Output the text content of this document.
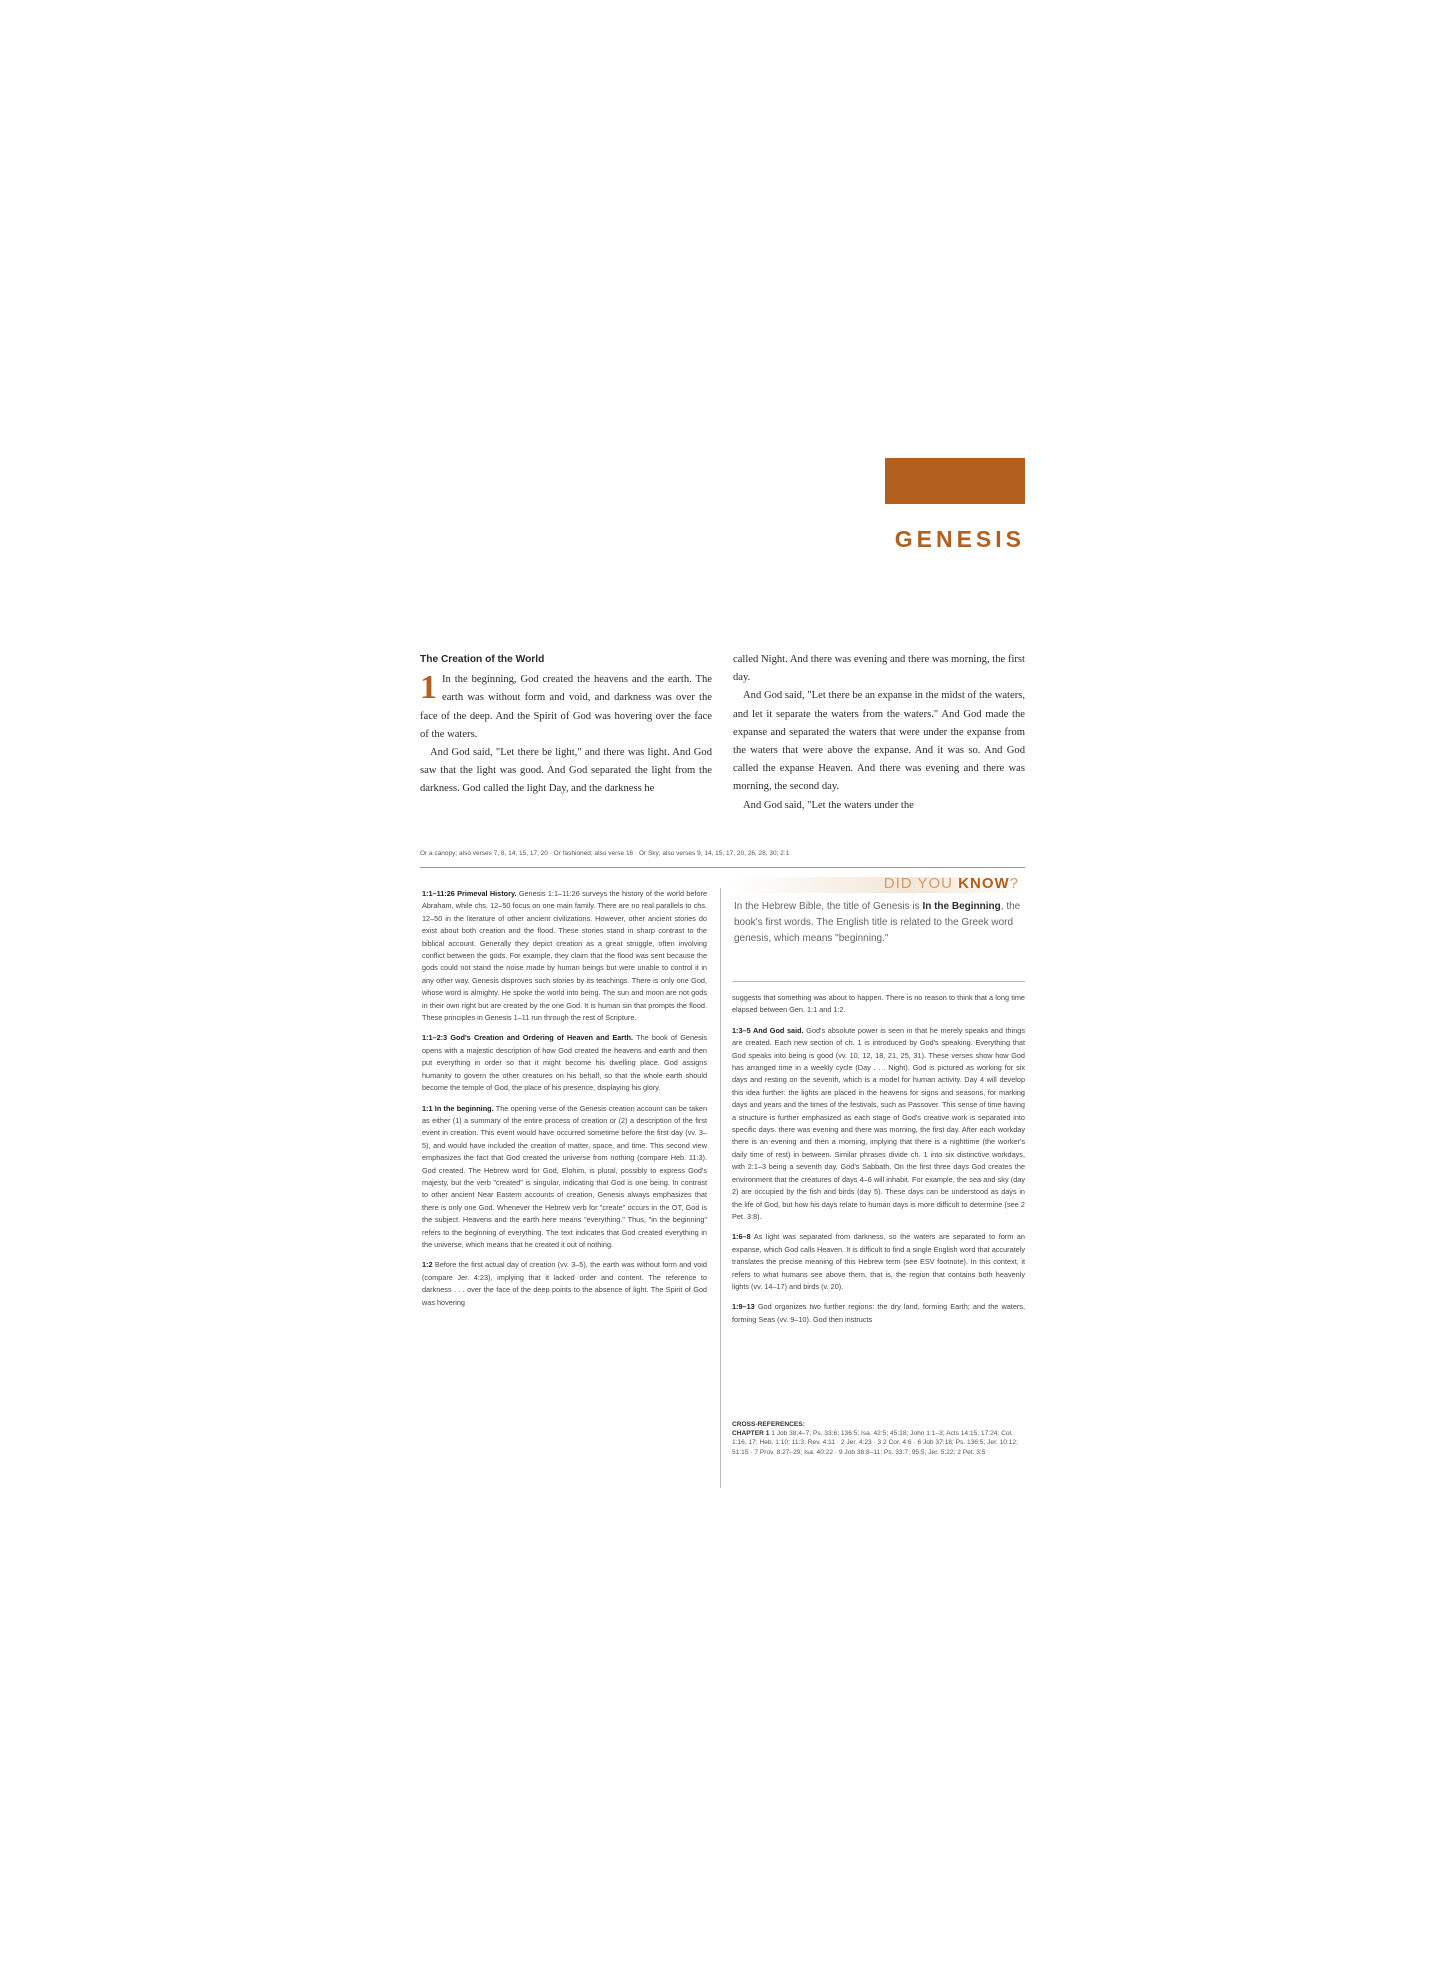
GENESIS
The Creation of the World
1 In the beginning, God created the heavens and the earth. The earth was without form and void, and darkness was over the face of the deep. And the Spirit of God was hovering over the face of the waters.

And God said, "Let there be light," and there was light. And God saw that the light was good. And God separated the light from the darkness. God called the light Day, and the darkness he

called Night. And there was evening and there was morning, the first day.

And God said, "Let there be an expanse in the midst of the waters, and let it separate the waters from the waters." And God made the expanse and separated the waters that were under the expanse from the waters that were above the expanse. And it was so. And God called the expanse Heaven. And there was evening and there was morning, the second day.

And God said, "Let the waters under the

Or a canopy; also verses 7, 8, 14, 15, 17, 20 · Or fashioned; also verse 16 · Or Sky; also verses 9, 14, 15, 17, 20, 26, 28, 30; 2:1

1:1–11:26 Primeval History. Genesis 1:1–11:26 surveys the history of the world before Abraham, while chs. 12–50 focus on one main family. There are no real parallels to chs. 12–50 in the literature of other ancient civilizations. However, other ancient stories do exist about both creation and the flood. These stories stand in sharp contrast to the biblical account. Generally they depict creation as a great struggle, often involving conflict between the gods. For example, they claim that the flood was sent because the gods could not stand the noise made by human beings but were unable to control it in any other way. Genesis disproves such stories by its teachings. There is only one God, whose word is almighty. He spoke the world into being. The sun and moon are not gods in their own right but are created by the one God. It is human sin that prompts the flood. These principles in Genesis 1–11 run through the rest of Scripture.

1:1–2:3 God's Creation and Ordering of Heaven and Earth. The book of Genesis opens with a majestic description of how God created the heavens and earth and then put everything in order so that it might become his dwelling place. God assigns humanity to govern the other creatures on his behalf, so that the whole earth should become the temple of God, the place of his presence, displaying his glory.

1:1 In the beginning. The opening verse of the Genesis creation account can be taken as either (1) a summary of the entire process of creation or (2) a description of the first event in creation. This event would have occurred sometime before the first day (vv. 3–5), and would have included the creation of matter, space, and time. This second view emphasizes the fact that God created the universe from nothing (compare Heb. 11:3). God created. The Hebrew word for God, Elohim, is plural, possibly to express God's majesty, but the verb "created" is singular, indicating that God is one being. In contrast to other ancient Near Eastern accounts of creation, Genesis always emphasizes that there is only one God. Whenever the Hebrew verb for "create" occurs in the OT, God is the subject. Heavens and the earth here means "everything." Thus, "in the beginning" refers to the beginning of everything. The text indicates that God created everything in the universe, which means that he created it out of nothing.

1:2 Before the first actual day of creation (vv. 3–5), the earth was without form and void (compare Jer. 4:23), implying that it lacked order and content. The reference to darkness . . . over the face of the deep points to the absence of light. The Spirit of God was hovering

DID YOU KNOW?
In the Hebrew Bible, the title of Genesis is In the Beginning, the book's first words. The English title is related to the Greek word genesis, which means "beginning."

suggests that something was about to happen. There is no reason to think that a long time elapsed between Gen. 1:1 and 1:2.

1:3–5 And God said. God's absolute power is seen in that he merely speaks and things are created. Each new section of ch. 1 is introduced by God's speaking. Everything that God speaks into being is good (vv. 10, 12, 18, 21, 25, 31). These verses show how God has arranged time in a weekly cycle (Day . . . Night). God is pictured as working for six days and resting on the seventh, which is a model for human activity. Day 4 will develop this idea further: the lights are placed in the heavens for signs and seasons, for marking days and years and the times of the festivals, such as Passover. This sense of time having a structure is further emphasized as each stage of God's creative work is separated into specific days. there was evening and there was morning, the first day. After each workday there is an evening and then a morning, implying that there is a nighttime (the worker's daily time of rest) in between. Similar phrases divide ch. 1 into six distinctive workdays, with 2:1–3 being a seventh day, God's Sabbath. On the first three days God creates the environment that the creatures of days 4–6 will inhabit. For example, the sea and sky (day 2) are occupied by the fish and birds (day 5). These days can be understood as days in the life of God, but how his days relate to human days is more difficult to determine (see 2 Pet. 3:8).

1:6–8 As light was separated from darkness, so the waters are separated to form an expanse, which God calls Heaven. It is difficult to find a single English word that accurately translates the precise meaning of this Hebrew term (see ESV footnote). In this context, it refers to what humans see above them, that is, the region that contains both heavenly lights (vv. 14–17) and birds (v. 20).

1:9–13 God organizes two further regions: the dry land, forming Earth; and the waters, forming Seas (vv. 9–10). God then instructs

CROSS-REFERENCES:
CHAPTER 1 1 Job 38:4–7; Ps. 33:6; 136:5; Isa. 42:5; 45:18; John 1:1–3; Acts 14:15; 17:24; Col. 1:16, 17; Heb. 1:10; 11:3; Rev. 4:11 · 2 Jer. 4:23 · 3 2 Cor. 4:6 · 6 Job 37:18; Ps. 136:5; Jer. 10:12; 51:15 · 7 Prov. 8:27–29; Isa. 40:22 · 9 Job 38:8–11; Ps. 33:7; 95:5; Jer. 5:22; 2 Pet. 3:5
